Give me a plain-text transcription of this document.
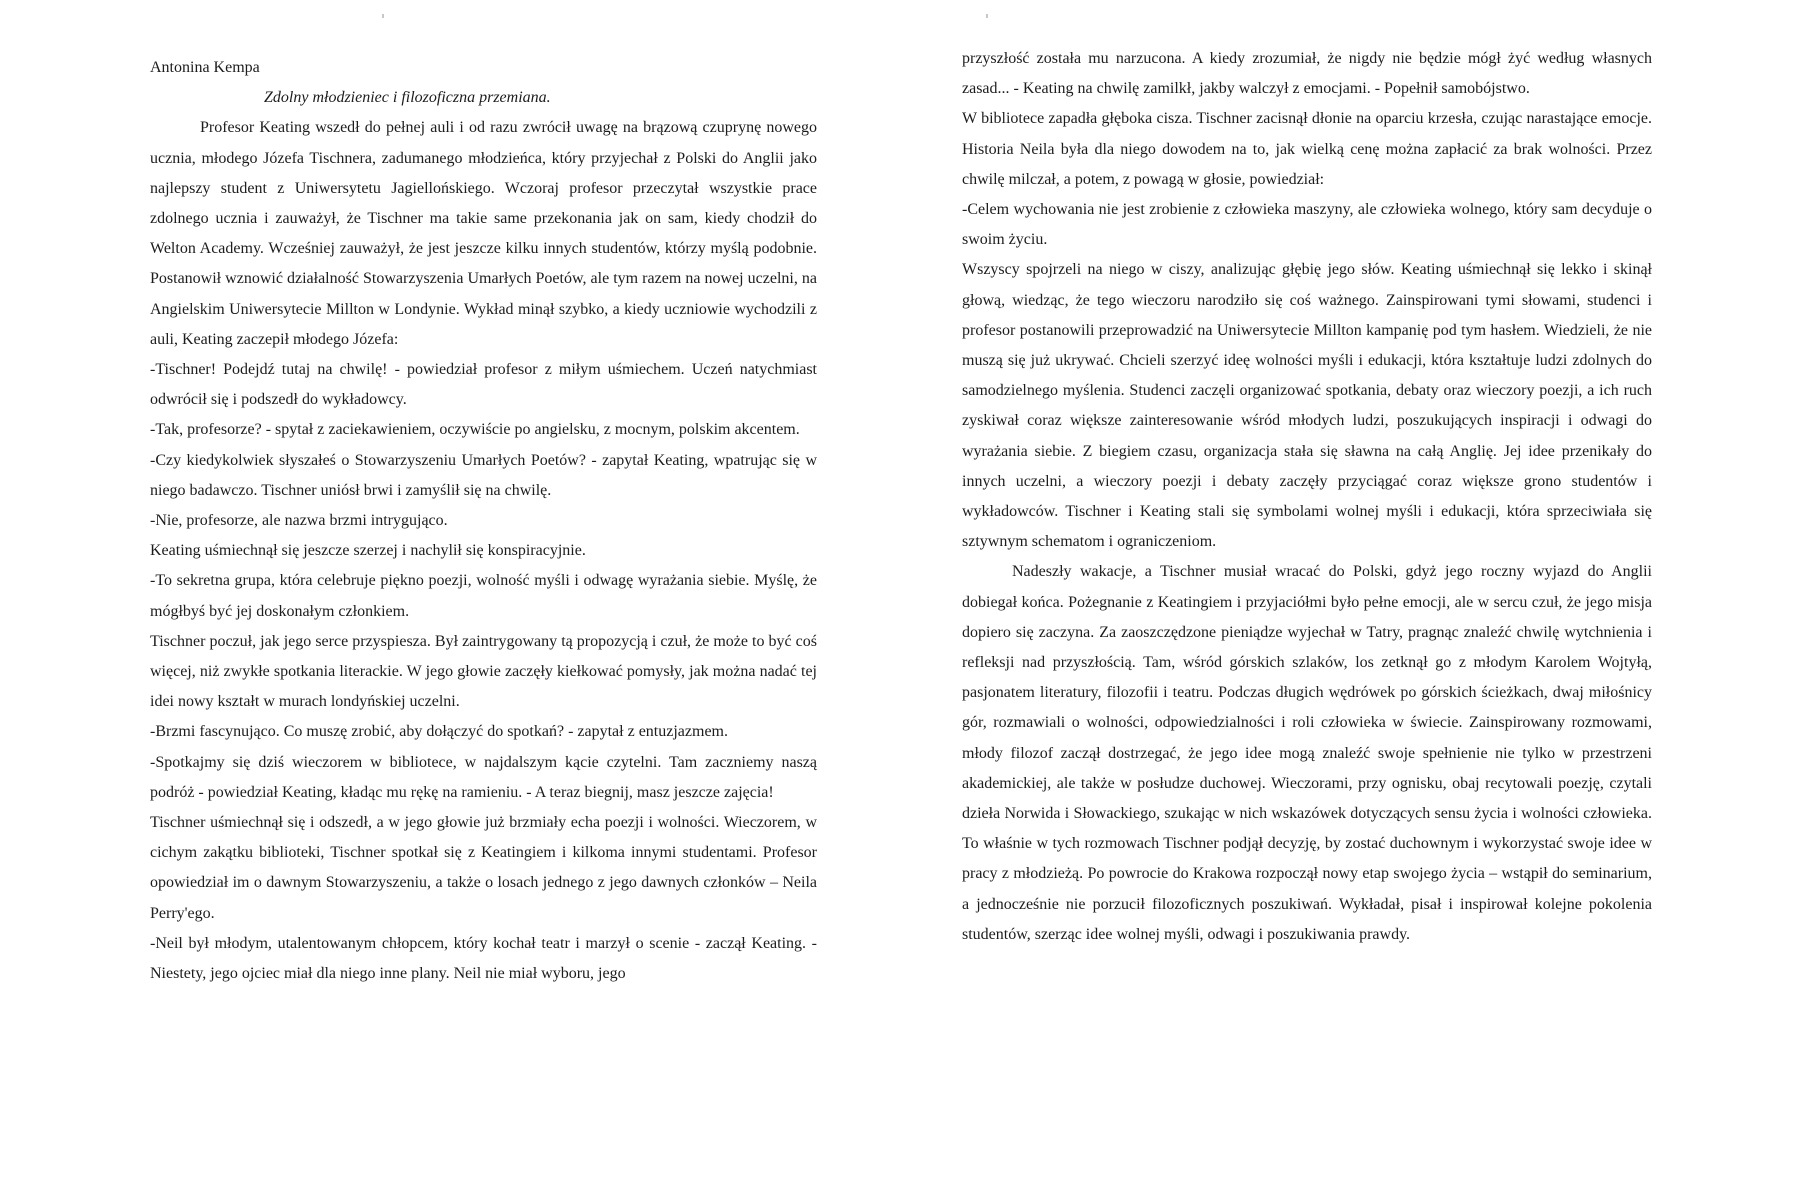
Antonina Kempa

Zdolny młodzieniec i filozoficzna przemiana.

Profesor Keating wszedł do pełnej auli i od razu zwrócił uwagę na brązową czuprynę nowego ucznia, młodego Józefa Tischnera, zadumanego młodzieńca, który przyjechał z Polski do Anglii jako najlepszy student z Uniwersytetu Jagiellońskiego. Wczoraj profesor przeczytał wszystkie prace zdolnego ucznia i zauważył, że Tischner ma takie same przekonania jak on sam, kiedy chodził do Welton Academy. Wcześniej zauważył, że jest jeszcze kilku innych studentów, którzy myślą podobnie. Postanowił wznowić działalność Stowarzyszenia Umarłych Poetów, ale tym razem na nowej uczelni, na Angielskim Uniwersytecie Millton w Londynie. Wykład minął szybko, a kiedy uczniowie wychodzili z auli, Keating zaczepił młodego Józefa:

-Tischner! Podejdź tutaj na chwilę! - powiedział profesor z miłym uśmiechem. Uczeń natychmiast odwrócił się i podszedł do wykładowcy.

-Tak, profesorze? - spytał z zaciekawieniem, oczywiście po angielsku, z mocnym, polskim akcentem.

-Czy kiedykolwiek słyszałeś o Stowarzyszeniu Umarłych Poetów? - zapytał Keating, wpatrując się w niego badawczo. Tischner uniósł brwi i zamyślił się na chwilę.

-Nie, profesorze, ale nazwa brzmi intrygująco.

Keating uśmiechnął się jeszcze szerzej i nachylił się konspiracyjnie.

-To sekretna grupa, która celebruje piękno poezji, wolność myśli i odwagę wyrażania siebie. Myślę, że mógłbyś być jej doskonałym członkiem.

Tischner poczuł, jak jego serce przyspiesza. Był zaintrygowany tą propozycją i czuł, że może to być coś więcej, niż zwykłe spotkania literackie. W jego głowie zaczęły kiełkować pomysły, jak można nadać tej idei nowy kształt w murach londyńskiej uczelni.

-Brzmi fascynująco. Co muszę zrobić, aby dołączyć do spotkań? - zapytał z entuzjazmem.

-Spotkajmy się dziś wieczorem w bibliotece, w najdalszym kącie czytelni. Tam zaczniemy naszą podróż - powiedział Keating, kładąc mu rękę na ramieniu. - A teraz biegnij, masz jeszcze zajęcia!

Tischner uśmiechnął się i odszedł, a w jego głowie już brzmiały echa poezji i wolności. Wieczorem, w cichym zakątku biblioteki, Tischner spotkał się z Keatingiem i kilkoma innymi studentami. Profesor opowiedział im o dawnym Stowarzyszeniu, a także o losach jednego z jego dawnych członków – Neila Perry'ego.

-Neil był młodym, utalentowanym chłopcem, który kochał teatr i marzył o scenie - zaczął Keating. - Niestety, jego ojciec miał dla niego inne plany. Neil nie miał wyboru, jego

przyszłość została mu narzucona. A kiedy zrozumiał, że nigdy nie będzie mógł żyć według własnych zasad... - Keating na chwilę zamilkł, jakby walczył z emocjami. - Popełnił samobójstwo.

W bibliotece zapadła głęboka cisza. Tischner zacisnął dłonie na oparciu krzesła, czując narastające emocje. Historia Neila była dla niego dowodem na to, jak wielką cenę można zapłacić za brak wolności. Przez chwilę milczał, a potem, z powagą w głosie, powiedział:

-Celem wychowania nie jest zrobienie z człowieka maszyny, ale człowieka wolnego, który sam decyduje o swoim życiu.

Wszyscy spojrzeli na niego w ciszy, analizując głębię jego słów. Keating uśmiechnął się lekko i skinął głową, wiedząc, że tego wieczoru narodziło się coś ważnego. Zainspirowani tymi słowami, studenci i profesor postanowili przeprowadzić na Uniwersytecie Millton kampanię pod tym hasłem. Wiedzieli, że nie muszą się już ukrywać. Chcieli szerzyć ideę wolności myśli i edukacji, która kształtuje ludzi zdolnych do samodzielnego myślenia. Studenci zaczęli organizować spotkania, debaty oraz wieczory poezji, a ich ruch zyskiwał coraz większe zainteresowanie wśród młodych ludzi, poszukujących inspiracji i odwagi do wyrażania siebie. Z biegiem czasu, organizacja stała się sławna na całą Anglię. Jej idee przenikały do innych uczelni, a wieczory poezji i debaty zaczęły przyciągać coraz większe grono studentów i wykładowców. Tischner i Keating stali się symbolami wolnej myśli i edukacji, która sprzeciwiała się sztywnym schematom i ograniczeniom.

Nadeszły wakacje, a Tischner musiał wracać do Polski, gdyż jego roczny wyjazd do Anglii dobiegał końca. Pożegnanie z Keatingiem i przyjaciółmi było pełne emocji, ale w sercu czuł, że jego misja dopiero się zaczyna. Za zaoszczędzone pieniądze wyjechał w Tatry, pragnąc znaleźć chwilę wytchnienia i refleksji nad przyszłością. Tam, wśród górskich szlaków, los zetknął go z młodym Karolem Wojtyłą, pasjonatem literatury, filozofii i teatru. Podczas długich wędrówek po górskich ścieżkach, dwaj miłośnicy gór, rozmawiali o wolności, odpowiedzialności i roli człowieka w świecie. Zainspirowany rozmowami, młody filozof zaczął dostrzegać, że jego idee mogą znaleźć swoje spełnienie nie tylko w przestrzeni akademickiej, ale także w posłudze duchowej. Wieczorami, przy ognisku, obaj recytowali poezję, czytali dzieła Norwida i Słowackiego, szukając w nich wskazówek dotyczących sensu życia i wolności człowieka. To właśnie w tych rozmowach Tischner podjął decyzję, by zostać duchownym i wykorzystać swoje idee w pracy z młodzieżą. Po powrocie do Krakowa rozpoczął nowy etap swojego życia – wstąpił do seminarium, a jednocześnie nie porzucił filozoficznych poszukiwań. Wykładał, pisał i inspirował kolejne pokolenia studentów, szerząc idee wolnej myśli, odwagi i poszukiwania prawdy.
